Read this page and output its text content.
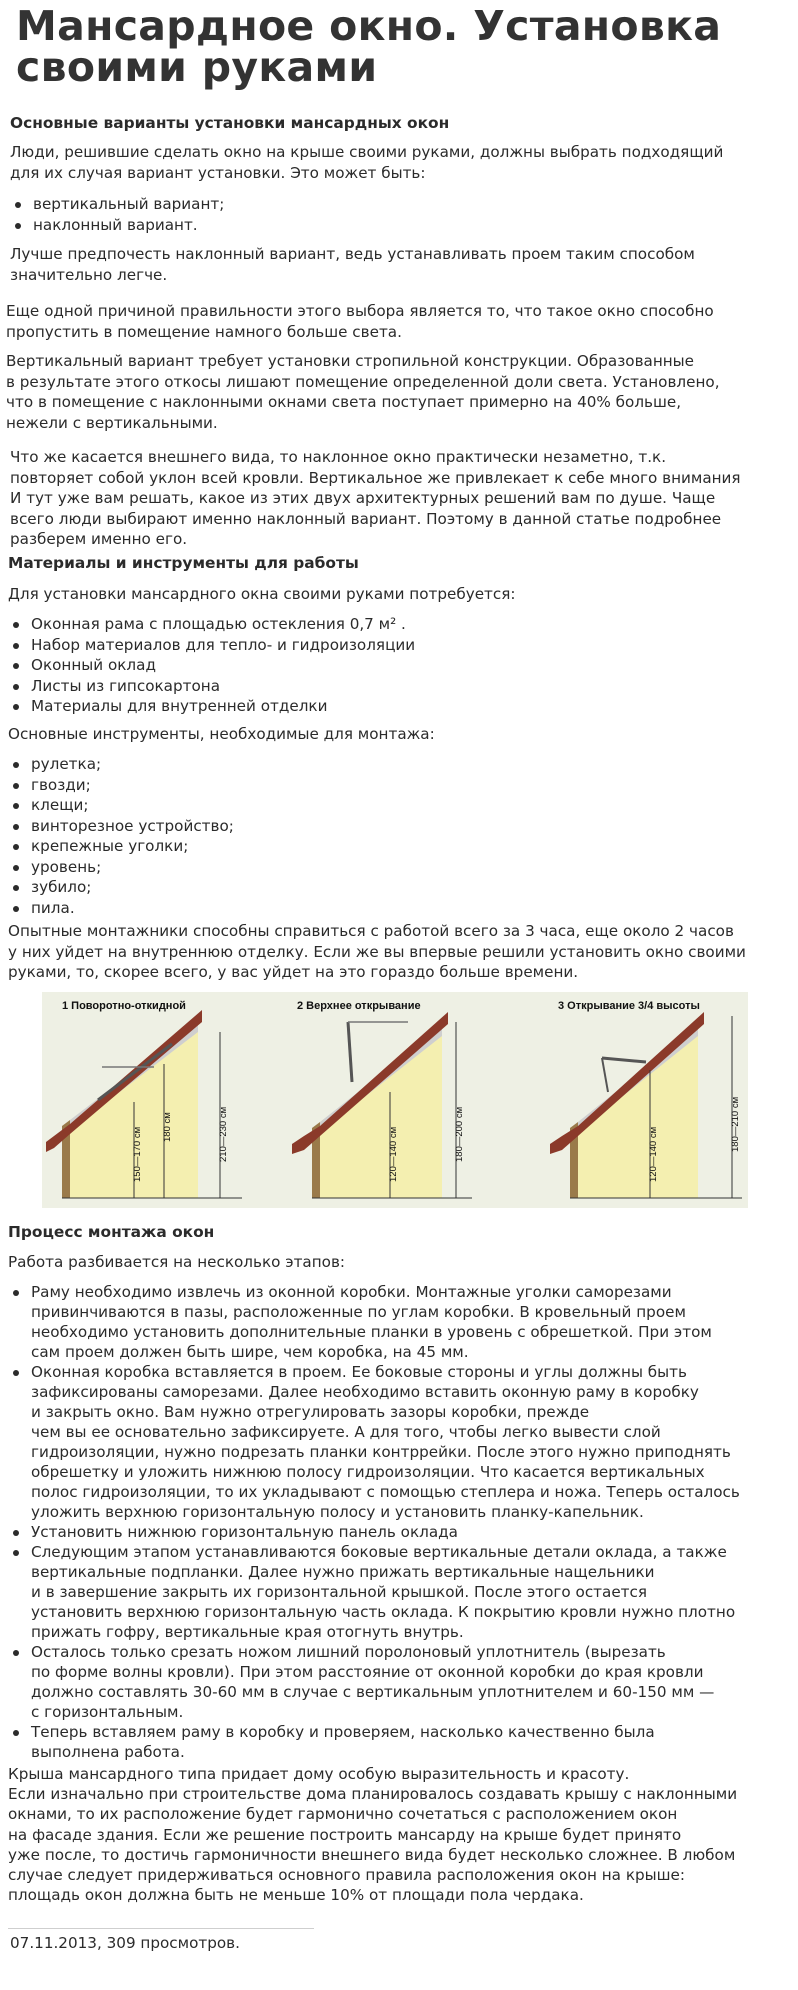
Мансардное окно. Установка своими руками
Основные варианты установки мансардных окон
Люди, решившие сделать окно на крыше своими руками, должны выбрать подходящий
для их случая вариант установки. Это может быть:
вертикальный вариант;
наклонный вариант.
Лучше предпочесть наклонный вариант, ведь устанавливать проем таким способом
значительно легче.
Еще одной причиной правильности этого выбора является то, что такое окно способно
пропустить в помещение намного больше света.
Вертикальный вариант требует установки стропильной конструкции. Образованные
в результате этого откосы лишают помещение определенной доли света. Установлено,
что в помещение с наклонными окнами света поступает примерно на 40% больше,
нежели с вертикальными.
Что же касается внешнего вида, то наклонное окно практически незаметно, т.к.
повторяет собой уклон всей кровли. Вертикальное же привлекает к себе много внимания
И тут уже вам решать, какое из этих двух архитектурных решений вам по душе. Чаще
всего люди выбирают именно наклонный вариант. Поэтому в данной статье подробнее
разберем именно его.
Материалы и инструменты для работы
Для установки мансардного окна своими руками потребуется:
Оконная рама с площадью остекления 0,7 м² .
Набор материалов для тепло- и гидроизоляции
Оконный оклад
Листы из гипсокартона
Материалы для внутренней отделки
Основные инструменты, необходимые для монтажа:
рулетка;
гвозди;
клещи;
винторезное устройство;
крепежные уголки;
уровень;
зубило;
пила.
Опытные монтажники способны справиться с работой всего за 3 часа, еще около 2 часов
у них уйдет на внутреннюю отделку. Если же вы впервые решили установить окно своими
руками, то, скорее всего, у вас уйдет на это гораздо больше времени.
1 Поворотно-откидной
150—170 см 180 см	210—230 см
2 Верхнее открывание
120—140 см	180—200 см
3 Открывание 3/4 высоты
120—140 см
180—210 см
Процесс монтажа окон
Работа разбивается на несколько этапов:
Раму необходимо извлечь из оконной коробки. Монтажные уголки саморезами
привинчиваются в пазы, расположенные по углам коробки. В кровельный проем
необходимо установить дополнительные планки в уровень с обрешеткой. При этом
сам проем должен быть шире, чем коробка, на 45 мм.
Оконная коробка вставляется в проем. Ее боковые стороны и углы должны быть
зафиксированы саморезами. Далее необходимо вставить оконную раму в коробку
и закрыть окно. Вам нужно отрегулировать зазоры коробки, прежде
чем вы ее основательно зафиксируете. А для того, чтобы легко вывести слой
гидроизоляции, нужно подрезать планки контррейки. После этого нужно приподнять
обрешетку и уложить нижнюю полосу гидроизоляции. Что касается вертикальных
полос гидроизоляции, то их укладывают с помощью степлера и ножа. Теперь осталось
уложить верхнюю горизонтальную полосу и установить планку-капельник.
Установить нижнюю горизонтальную панель оклада
Следующим этапом устанавливаются боковые вертикальные детали оклада, а также
вертикальные подпланки. Далее нужно прижать вертикальные нащельники
и в завершение закрыть их горизонтальной крышкой. После этого остается
установить верхнюю горизонтальную часть оклада. К покрытию кровли нужно плотно
прижать гофру, вертикальные края отогнуть внутрь.
Осталось только срезать ножом лишний поролоновый уплотнитель (вырезать
по форме волны кровли). При этом расстояние от оконной коробки до края кровли
должно составлять 30-60 мм в случае с вертикальным уплотнителем и 60-150 мм —
с горизонтальным.
Теперь вставляем раму в коробку и проверяем, насколько качественно была
выполнена работа.
Крыша мансардного типа придает дому особую выразительность и красоту.
Если изначально при строительстве дома планировалось создавать крышу с наклонными
окнами, то их расположение будет гармонично сочетаться с расположением окон
на фасаде здания. Если же решение построить мансарду на крыше будет принято
уже после, то достичь гармоничности внешнего вида будет несколько сложнее. В любом
случае следует придерживаться основного правила расположения окон на крыше:
площадь окон должна быть не меньше 10% от площади пола чердака.
07.11.2013, 309 просмотров.
